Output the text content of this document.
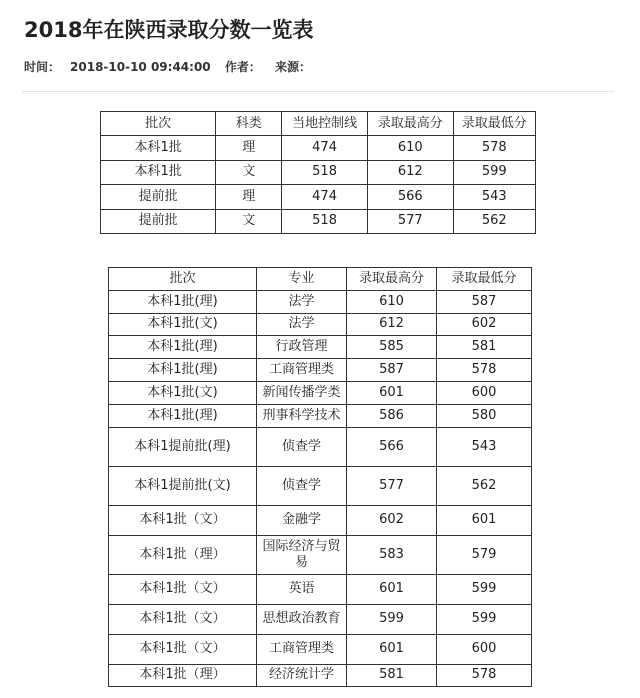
2018年在陕西录取分数一览表
时间： 2018-10-10 09:44:00 作者： 来源：
批次	科类	当地控制线	录取最高分	录取最低分
本科1批	理	474	610	578
本科1批	文	518	612	599
提前批	理	474	566	543
提前批	文	518	577	562
批次	专业	录取最高分	录取最低分
本科1批(理)	法学	610	587
本科1批(文)	法学	612	602
本科1批(理)	行政管理	585	581
本科1批(理)	工商管理类	587	578
本科1批(文)	新闻传播学类	601	600
本科1批(理)	刑事科学技术	586	580
本科1提前批(理)	侦查学	566	543
本科1提前批(文)	侦查学	577	562
本科1批（文）	金融学	602	601
本科1批（理）	国际经济与贸易	583	579
本科1批（文）	英语	601	599
本科1批（文）	思想政治教育	599	599
本科1批（文）	工商管理类	601	600
本科1批（理）	经济统计学	581	578
